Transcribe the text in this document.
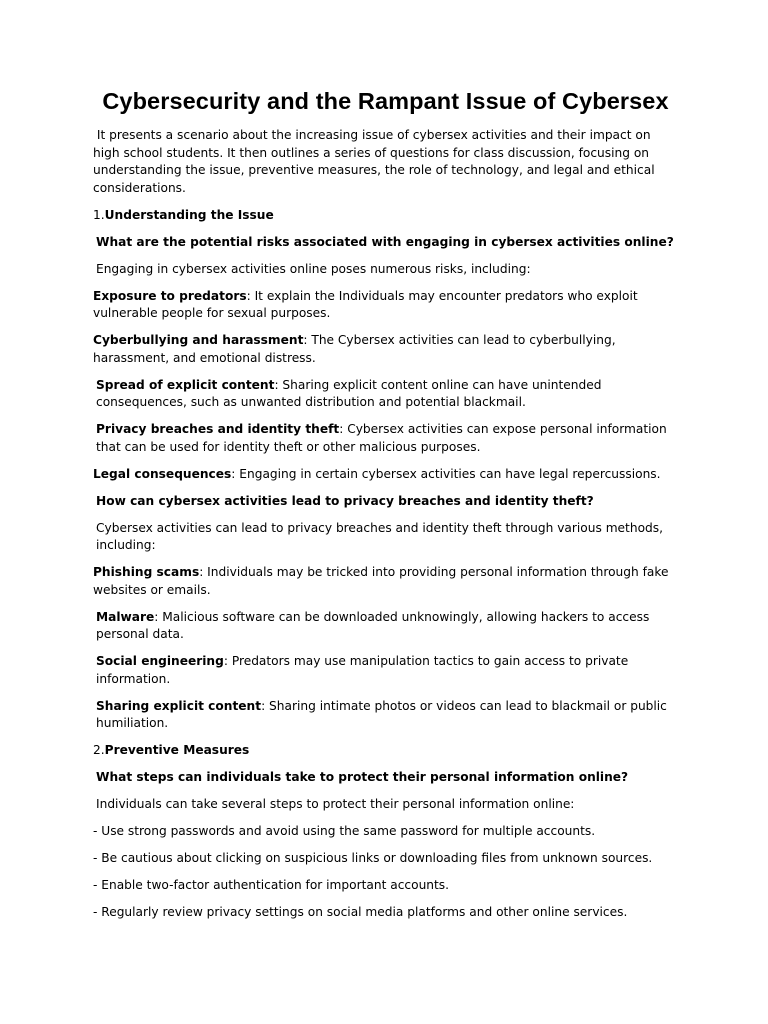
Cybersecurity and the Rampant Issue of Cybersex

It presents a scenario about the increasing issue of cybersex activities and their impact on high school students. It then outlines a series of questions for class discussion, focusing on understanding the issue, preventive measures, the role of technology, and legal and ethical considerations.

1.Understanding the Issue

What are the potential risks associated with engaging in cybersex activities online?

Engaging in cybersex activities online poses numerous risks, including:

Exposure to predators: It explain the Individuals may encounter predators who exploit vulnerable people for sexual purposes.

Cyberbullying and harassment: The Cybersex activities can lead to cyberbullying, harassment, and emotional distress.

Spread of explicit content: Sharing explicit content online can have unintended consequences, such as unwanted distribution and potential blackmail.

Privacy breaches and identity theft: Cybersex activities can expose personal information that can be used for identity theft or other malicious purposes.

Legal consequences: Engaging in certain cybersex activities can have legal repercussions.

How can cybersex activities lead to privacy breaches and identity theft?

Cybersex activities can lead to privacy breaches and identity theft through various methods, including:

Phishing scams: Individuals may be tricked into providing personal information through fake websites or emails.

Malware: Malicious software can be downloaded unknowingly, allowing hackers to access personal data.

Social engineering: Predators may use manipulation tactics to gain access to private information.

Sharing explicit content: Sharing intimate photos or videos can lead to blackmail or public humiliation.

2.Preventive Measures

What steps can individuals take to protect their personal information online?

Individuals can take several steps to protect their personal information online:

- Use strong passwords and avoid using the same password for multiple accounts.

- Be cautious about clicking on suspicious links or downloading files from unknown sources.

- Enable two-factor authentication for important accounts.

- Regularly review privacy settings on social media platforms and other online services.
